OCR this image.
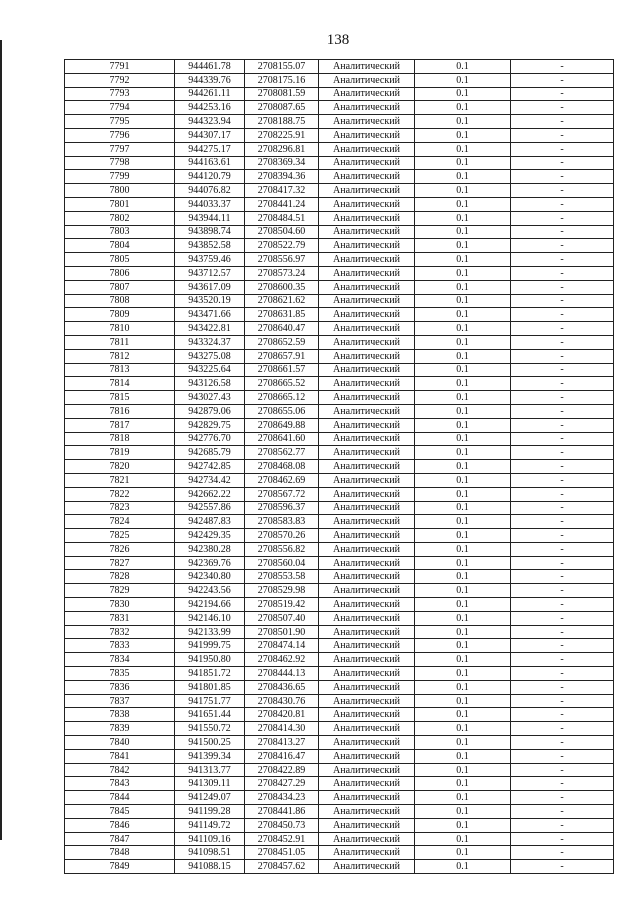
138
7791	944461.78	2708155.07	Аналитический	0.1	-
7792	944339.76	2708175.16	Аналитический	0.1	-
7793	944261.11	2708081.59	Аналитический	0.1	-
7794	944253.16	2708087.65	Аналитический	0.1	-
7795	944323.94	2708188.75	Аналитический	0.1	-
7796	944307.17	2708225.91	Аналитический	0.1	-
7797	944275.17	2708296.81	Аналитический	0.1	-
7798	944163.61	2708369.34	Аналитический	0.1	-
7799	944120.79	2708394.36	Аналитический	0.1	-
7800	944076.82	2708417.32	Аналитический	0.1	-
7801	944033.37	2708441.24	Аналитический	0.1	-
7802	943944.11	2708484.51	Аналитический	0.1	-
7803	943898.74	2708504.60	Аналитический	0.1	-
7804	943852.58	2708522.79	Аналитический	0.1	-
7805	943759.46	2708556.97	Аналитический	0.1	-
7806	943712.57	2708573.24	Аналитический	0.1	-
7807	943617.09	2708600.35	Аналитический	0.1	-
7808	943520.19	2708621.62	Аналитический	0.1	-
7809	943471.66	2708631.85	Аналитический	0.1	-
7810	943422.81	2708640.47	Аналитический	0.1	-
7811	943324.37	2708652.59	Аналитический	0.1	-
7812	943275.08	2708657.91	Аналитический	0.1	-
7813	943225.64	2708661.57	Аналитический	0.1	-
7814	943126.58	2708665.52	Аналитический	0.1	-
7815	943027.43	2708665.12	Аналитический	0.1	-
7816	942879.06	2708655.06	Аналитический	0.1	-
7817	942829.75	2708649.88	Аналитический	0.1	-
7818	942776.70	2708641.60	Аналитический	0.1	-
7819	942685.79	2708562.77	Аналитический	0.1	-
7820	942742.85	2708468.08	Аналитический	0.1	-
7821	942734.42	2708462.69	Аналитический	0.1	-
7822	942662.22	2708567.72	Аналитический	0.1	-
7823	942557.86	2708596.37	Аналитический	0.1	-
7824	942487.83	2708583.83	Аналитический	0.1	-
7825	942429.35	2708570.26	Аналитический	0.1	-
7826	942380.28	2708556.82	Аналитический	0.1	-
7827	942369.76	2708560.04	Аналитический	0.1	-
7828	942340.80	2708553.58	Аналитический	0.1	-
7829	942243.56	2708529.98	Аналитический	0.1	-
7830	942194.66	2708519.42	Аналитический	0.1	-
7831	942146.10	2708507.40	Аналитический	0.1	-
7832	942133.99	2708501.90	Аналитический	0.1	-
7833	941999.75	2708474.14	Аналитический	0.1	-
7834	941950.80	2708462.92	Аналитический	0.1	-
7835	941851.72	2708444.13	Аналитический	0.1	-
7836	941801.85	2708436.65	Аналитический	0.1	-
7837	941751.77	2708430.76	Аналитический	0.1	-
7838	941651.44	2708420.81	Аналитический	0.1	-
7839	941550.72	2708414.30	Аналитический	0.1	-
7840	941500.25	2708413.27	Аналитический	0.1	-
7841	941399.34	2708416.47	Аналитический	0.1	-
7842	941313.77	2708422.89	Аналитический	0.1	-
7843	941309.11	2708427.29	Аналитический	0.1	-
7844	941249.07	2708434.23	Аналитический	0.1	-
7845	941199.28	2708441.86	Аналитический	0.1	-
7846	941149.72	2708450.73	Аналитический	0.1	-
7847	941109.16	2708452.91	Аналитический	0.1	-
7848	941098.51	2708451.05	Аналитический	0.1	-
7849	941088.15	2708457.62	Аналитический	0.1	-
